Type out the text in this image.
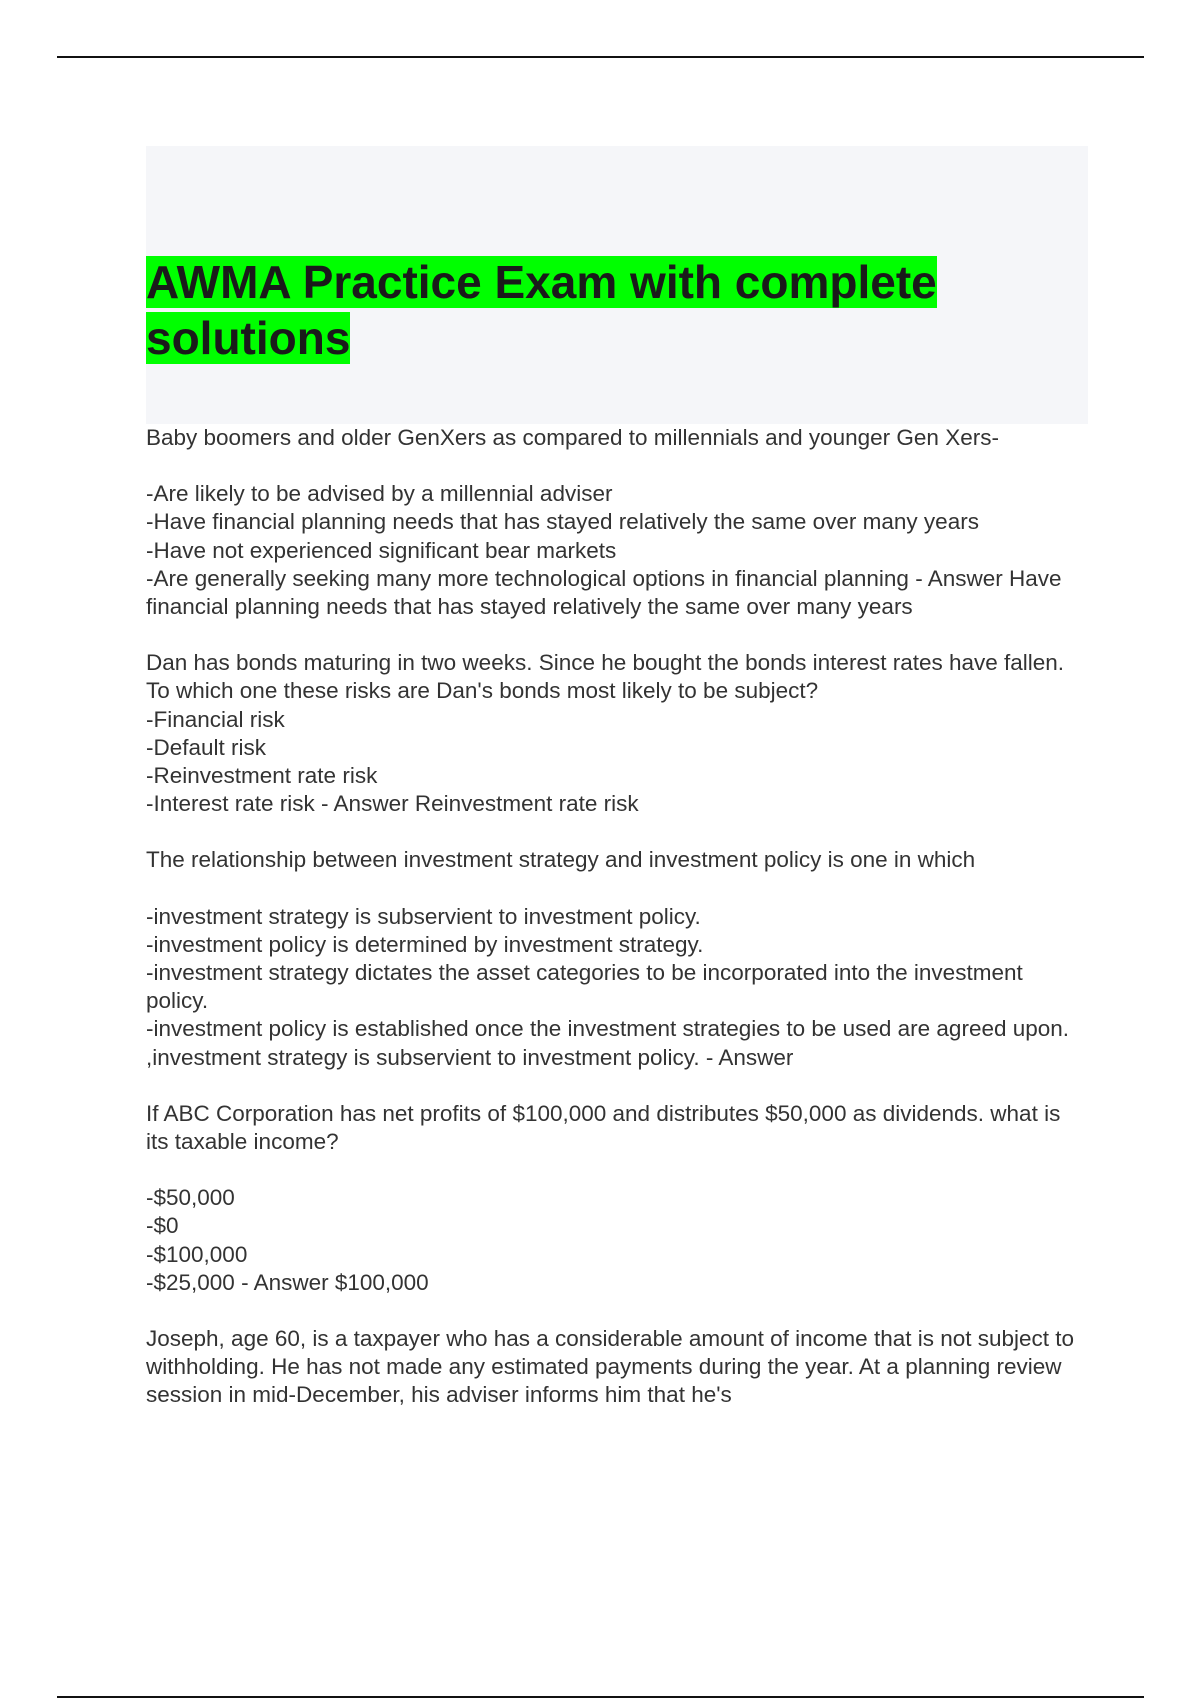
AWMA Practice Exam with complete solutions

Baby boomers and older GenXers as compared to millennials and younger Gen Xers-

-Are likely to be advised by a millennial adviser
-Have financial planning needs that has stayed relatively the same over many years
-Have not experienced significant bear markets
-Are generally seeking many more technological options in financial planning - Answer Have financial planning needs that has stayed relatively the same over many years

Dan has bonds maturing in two weeks. Since he bought the bonds interest rates have fallen. To which one these risks are Dan's bonds most likely to be subject?

-Financial risk
-Default risk
-Reinvestment rate risk
-Interest rate risk - Answer Reinvestment rate risk

The relationship between investment strategy and investment policy is one in which

-investment strategy is subservient to investment policy.
-investment policy is determined by investment strategy.
-investment strategy dictates the asset categories to be incorporated into the investment policy.
-investment policy is established once the investment strategies to be used are agreed upon.
,investment strategy is subservient to investment policy. - Answer

If ABC Corporation has net profits of $100,000 and distributes $50,000 as dividends. what is its taxable income?

-$50,000
-$0
-$100,000
-$25,000 - Answer $100,000

Joseph, age 60, is a taxpayer who has a considerable amount of income that is not subject to withholding. He has not made any estimated payments during the year. At a planning review session in mid-December, his adviser informs him that he's
